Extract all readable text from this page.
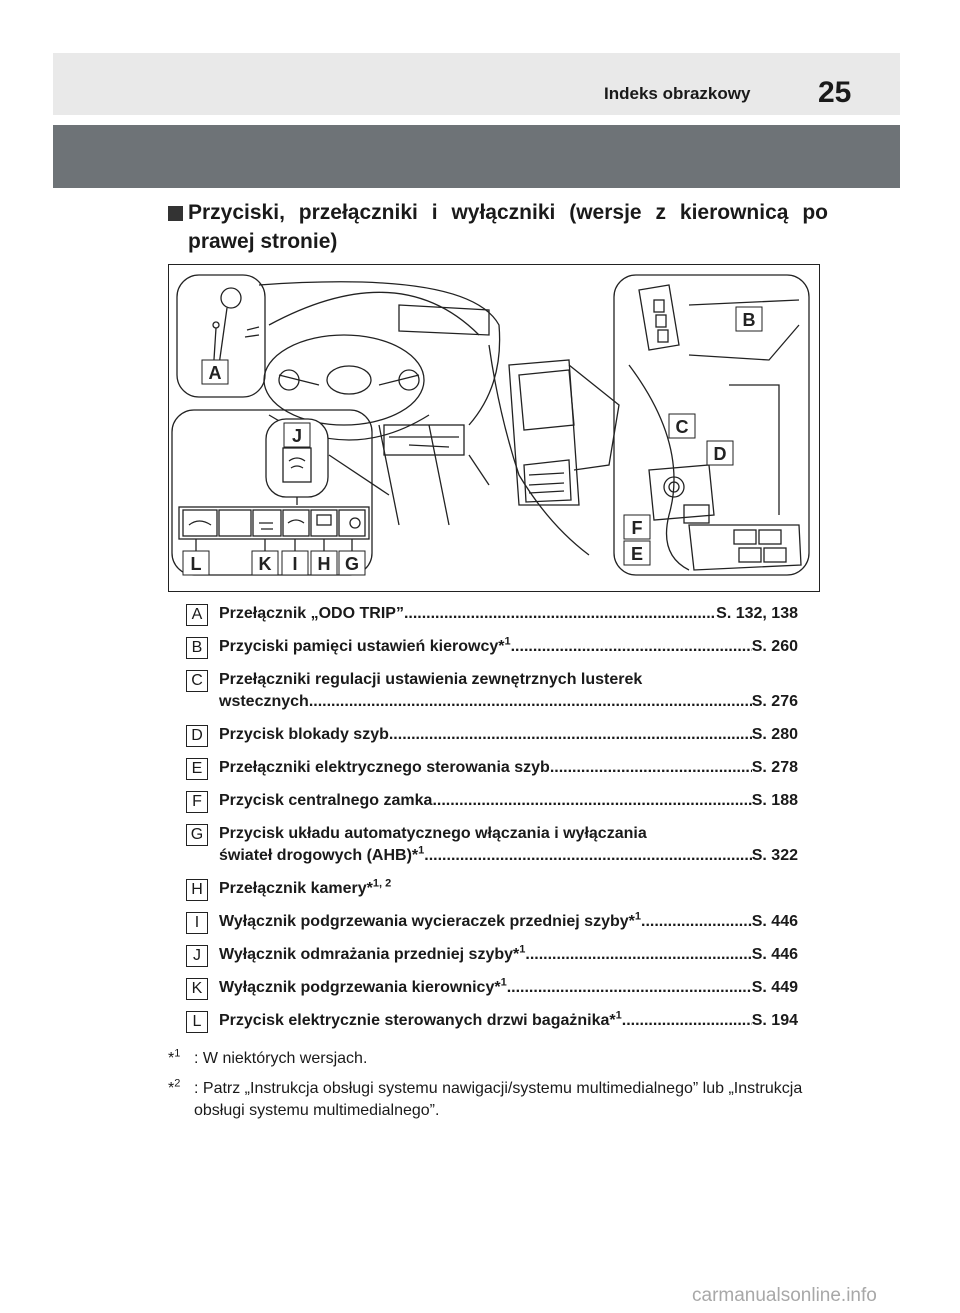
Indeks obrazkowy 25
Przyciski, przełączniki i wyłączniki (wersje z kierownicą po prawej stronie)
A
B
C
D
F
E
J
L	K I H G
A	Przełącznik „ODO TRIP” .....	S. 132, 138
B	Przyciski pamięci ustawień kierowcy*$^1$ .....	S. 260
C	Przełączniki regulacji ustawienia zewnętrznych lusterek
wstecznych .....	S. 276
D	Przycisk blokady szyb .....	S. 280
E	Przełączniki elektrycznego sterowania szyb .....	S. 278
F	Przycisk centralnego zamka .....	S. 188
G Przycisk układu automatycznego włączania i wyłączania
świateł drogowych (AHB)*$^1$ .....	S. 322
H	Przełącznik kamery*$^{1, 2}$
I	Wyłącznik podgrzewania wycieraczek przedniej szyby*$^1$ .....	S. 446
J	Wyłącznik odmrażania przedniej szyby*$^1$ .....	S. 446
K	Wyłącznik podgrzewania kierownicy*$^1$ .....	S. 449
L	Przycisk elektrycznie sterowanych drzwi bagażnika*$^1$ .....	S. 194
*$^1$ : W niektórych wersjach.
*$^2$ : Patrz „Instrukcja obsługi systemu nawigacji/systemu multimedialnego” lub „Instrukcja obsługi systemu multimedialnego”.
carmanualsonline.info
